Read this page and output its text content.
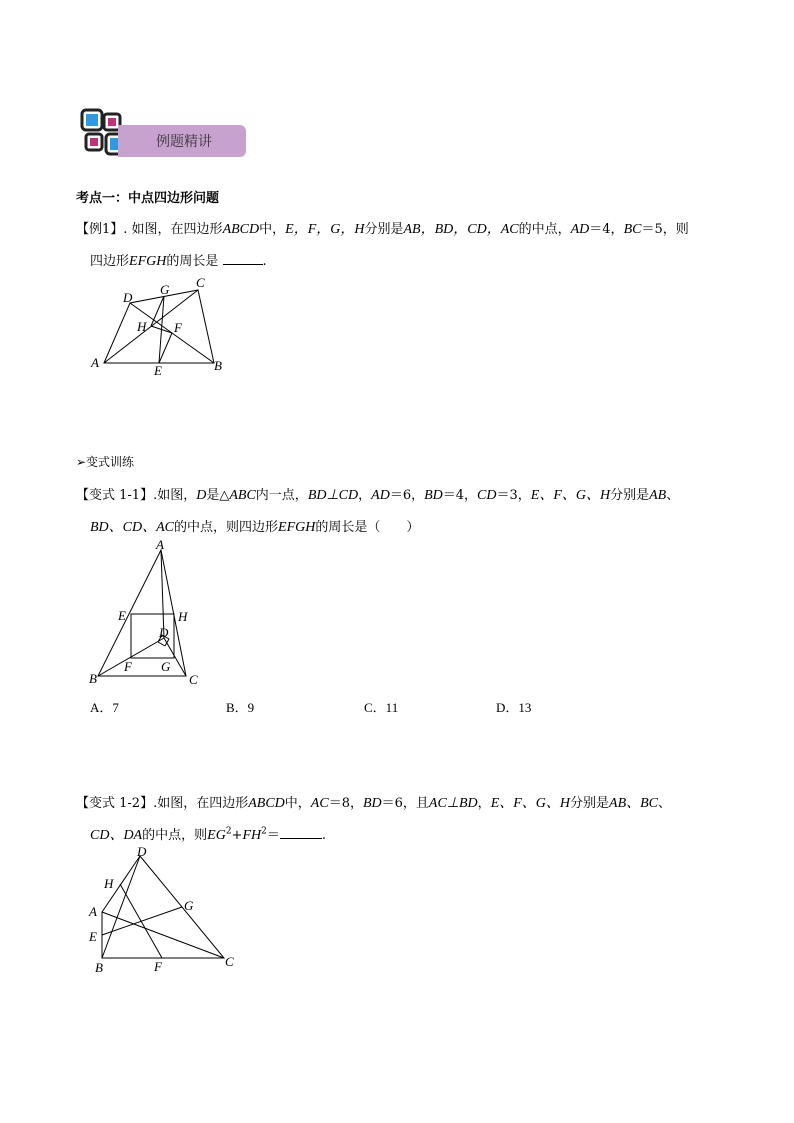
例题精讲
考点一：中点四边形问题
【例1】. 如图，在四边形ABCD中，E，F，G，H分别是AB，BD，CD，AC的中点，AD＝4，BC＝5，则
四边形EFGH的周长是	.
D
G C
H F
A
E	B
➢变式训练
【变式 1-1】.如图，D是△ABC内一点，BD⊥CD，AD＝6，BD＝4，CD＝3，E、F、G、H分别是AB、
BD、CD、AC的中点，则四边形EFGH的周长是（　　）
A
E	H
D
F G
B	C
A．7	B．9	C．11	D．13
【变式 1-2】.如图，在四边形ABCD中，AC＝8，BD＝6，且AC⊥BD，E、F、G、H分别是AB、BC、
CD、DA的中点，则$EG^2+FH^2=$	.
D
H
G
A
E
B	F	C
